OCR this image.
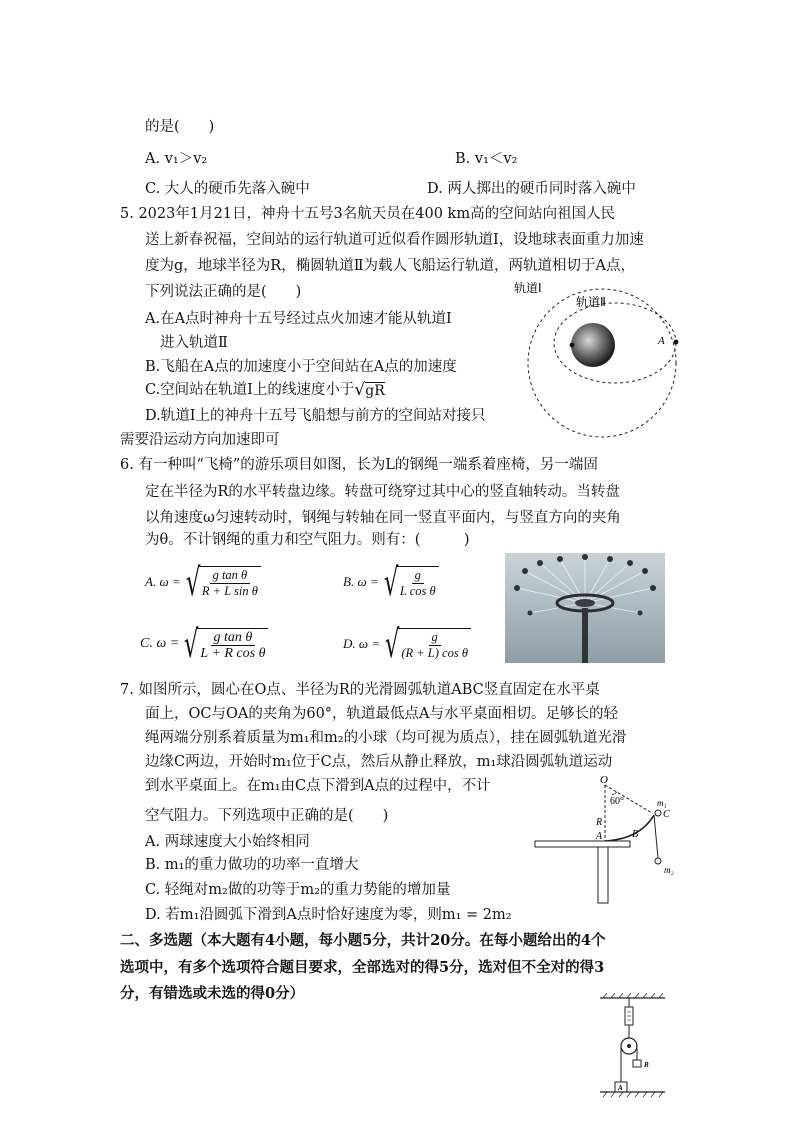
的是(　　)
A. v₁＞v₂	B. v₁＜v₂
C. 大人的硬币先落入碗中	D. 两人掷出的硬币同时落入碗中
5. 2023年1月21日，神舟十五号3名航天员在400 km高的空间站向祖国人民
送上新春祝福，空间站的运行轨道可近似看作圆形轨道Ⅰ，设地球表面重力加速
度为g，地球半径为R，椭圆轨道Ⅱ为载人飞船运行轨道，两轨道相切于A点，
下列说法正确的是(　　)
A.在A点时神舟十五号经过点火加速才能从轨道Ⅰ
进入轨道Ⅱ
B.飞船在A点的加速度小于空间站在A点的加速度
C.空间站在轨道Ⅰ上的线速度小于 √ gR
D.轨道Ⅰ上的神舟十五号飞船想与前方的空间站对接只
需要沿运动方向加速即可
轨道Ⅰ
轨道Ⅱ
A
6. 有一种叫“飞椅”的游乐项目如图，长为L的钢绳一端系着座椅，另一端固
定在半径为R的水平转盘边缘。转盘可绕穿过其中心的竖直轴转动。当转盘
以角速度ω匀速转动时，钢绳与转轴在同一竖直平面内，与竖直方向的夹角
为θ。不计钢绳的重力和空气阻力。则有：(　　　)
A. ω = √
$\frac{\text{g tan θ}}{\text{R + L sin θ}}$	B. ω = √
$\frac{g}{\text{L cos θ}}$
C. ω = √
$\frac{\text{g tan θ}}{\text{L + R cos θ}}$	D. ω = √
$\frac{g}{\text{(R + L) cos θ}}$
7. 如图所示，圆心在O点、半径为R的光滑圆弧轨道ABC竖直固定在水平桌
面上，OC与OA的夹角为60°，轨道最低点A与水平桌面相切。足够长的轻
绳两端分别系着质量为m₁和m₂的小球（均可视为质点），挂在圆弧轨道光滑
边缘C两边，开始时m₁位于C点，然后从静止释放，m₁球沿圆弧轨道运动
到水平桌面上。在m₁由C点下滑到A点的过程中，不计
空气阻力。下列选项中正确的是(　　)
A. 两球速度大小始终相同
B. m₁的重力做功的功率一直增大
C. 轻绳对m₂做的功等于m₂的重力势能的增加量
D. 若m₁沿圆弧下滑到A点时恰好速度为零，则m₁ = 2m₂
O
60°
R
A	B
C
m₁
m₂
二、多选题（本大题有4小题，每小题5分，共计20分。在每小题给出的4个
选项中，有多个选项符合题目要求，全部选对的得5分，选对但不全对的得3
分，有错选或未选的得0分）
A
B
